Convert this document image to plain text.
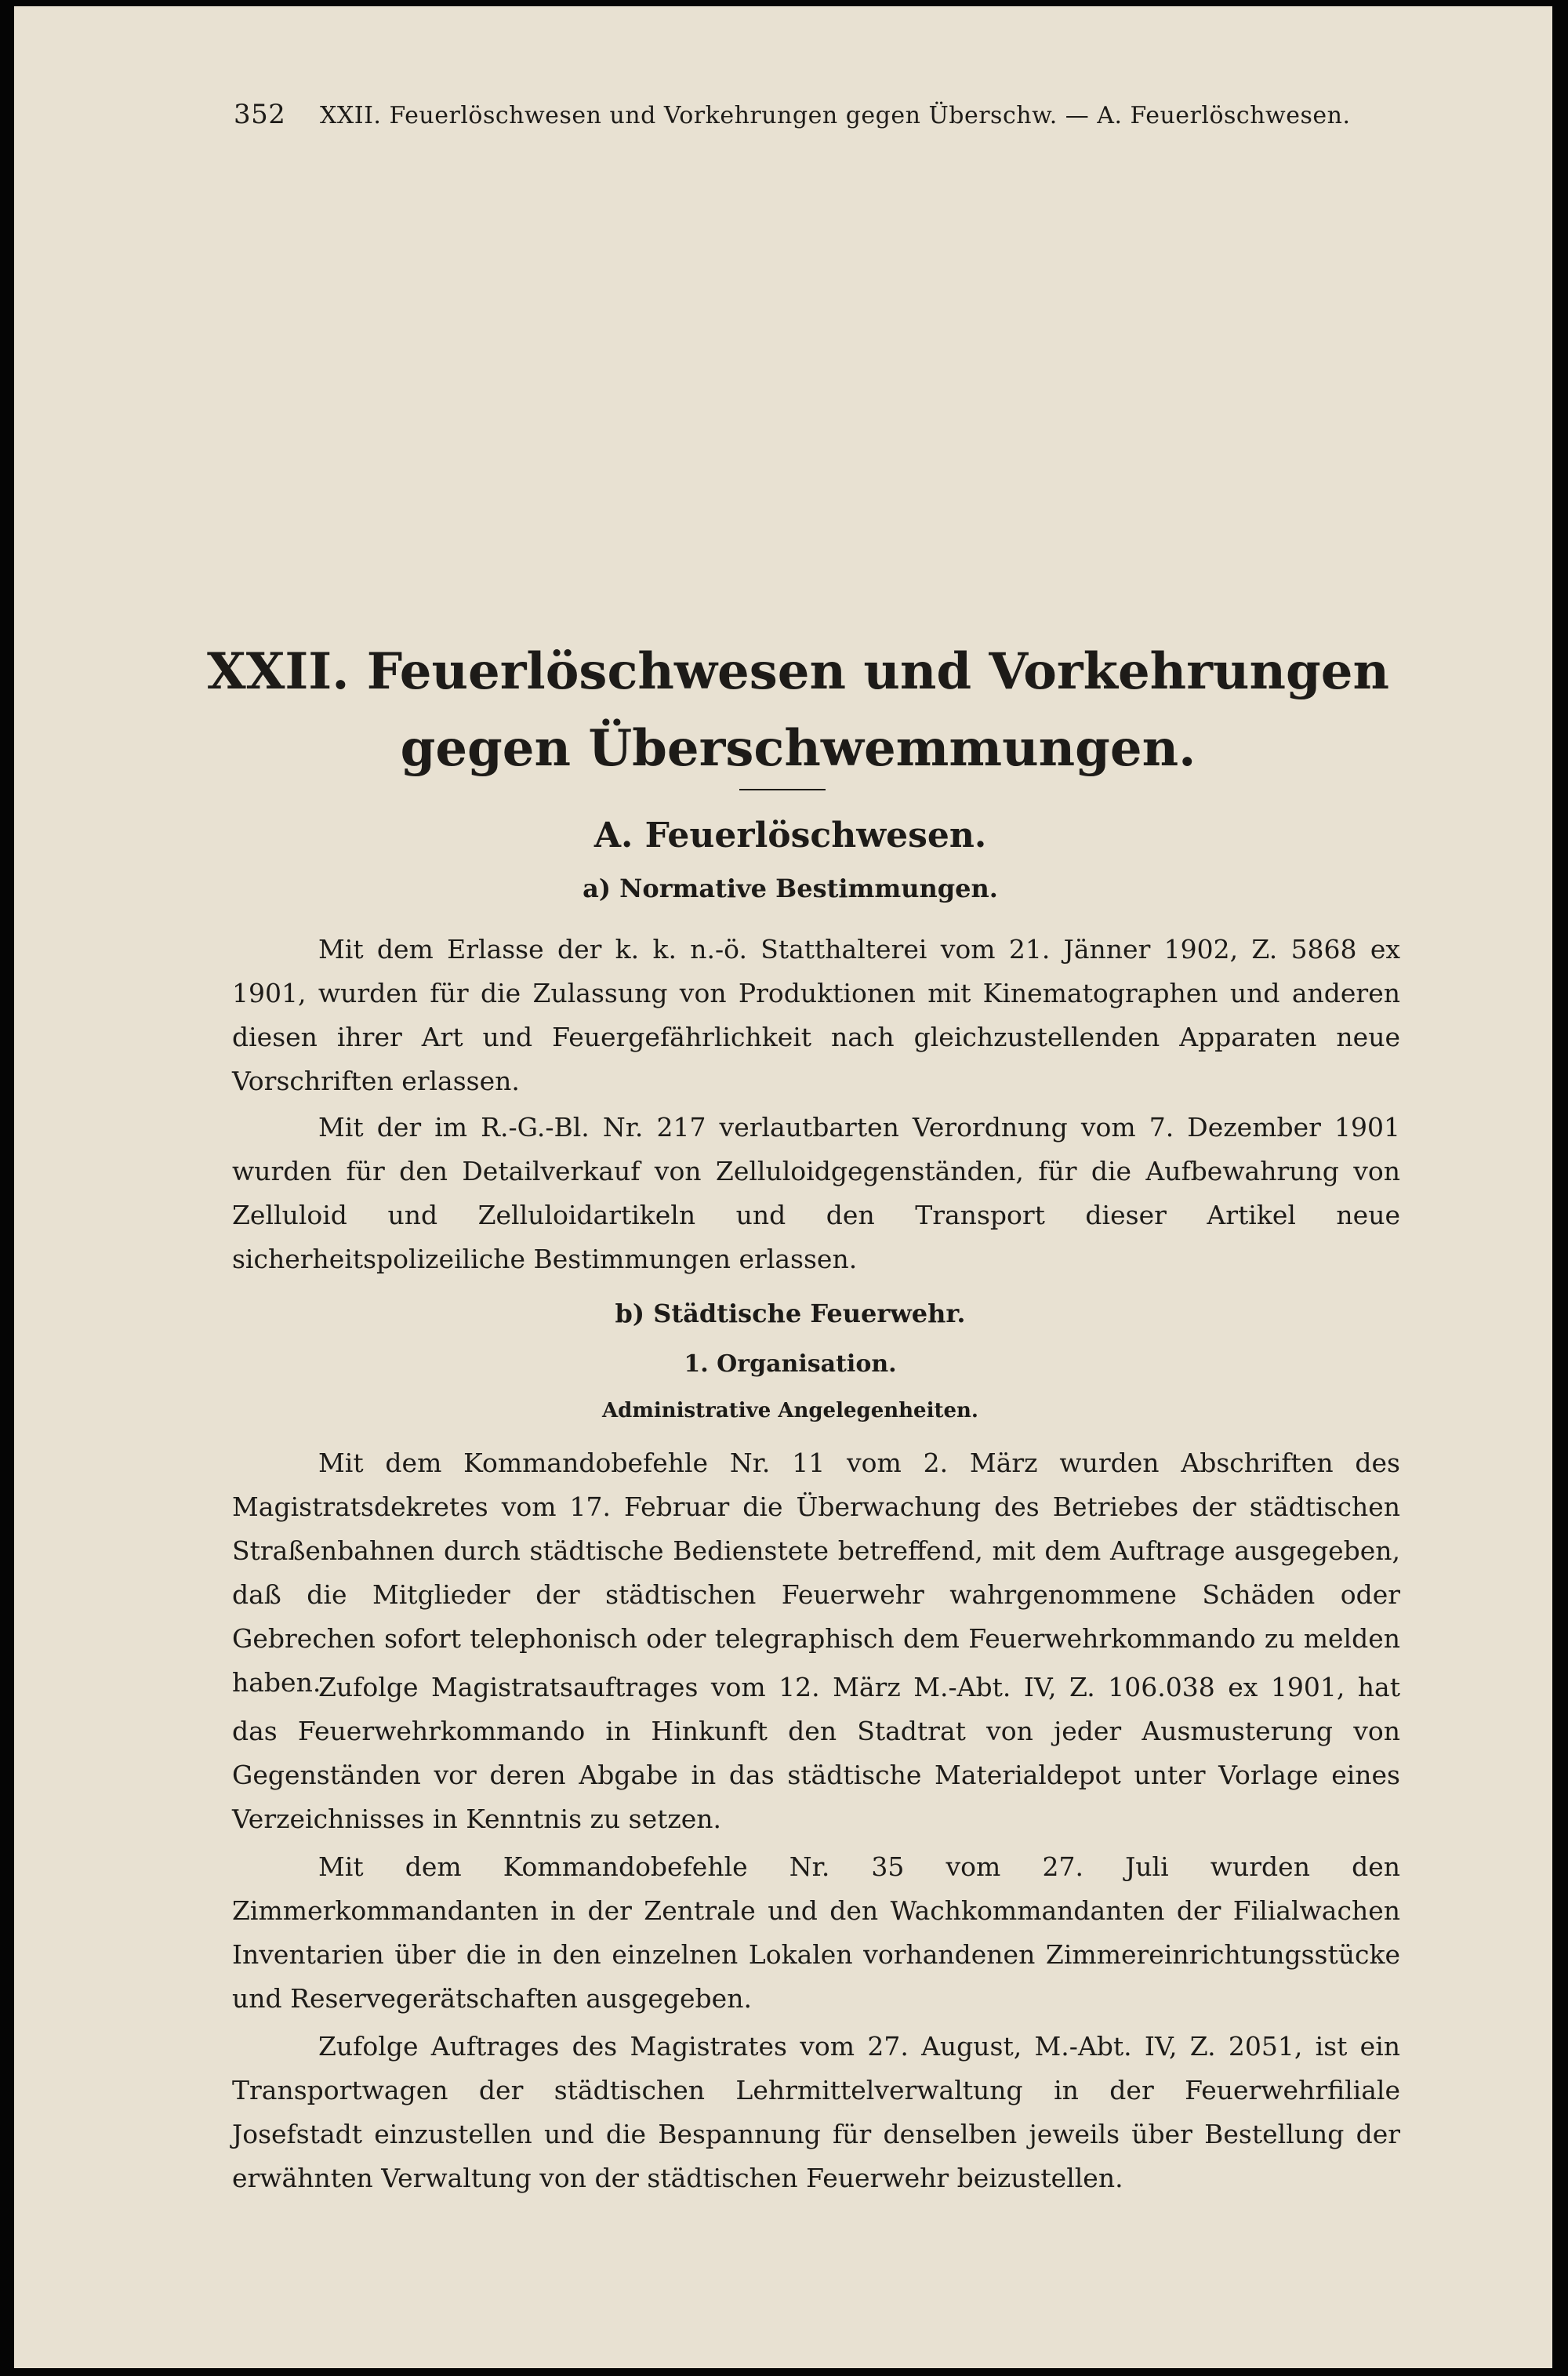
352 XXII. Feuerlöschwesen und Vorkehrungen gegen Überschw. — A. Feuerlöschwesen.
XXII. Feuerlöschwesen und Vorkehrungen gegen Überschwemmungen.
A. Feuerlöschwesen.
a) Normative Bestimmungen.

Mit dem Erlasse der k. k. n.-ö. Statthalterei vom 21. Jänner 1902, Z. 5868 ex 1901, wurden für die Zulassung von Produktionen mit Kinematographen und anderen diesen ihrer Art und Feuergefährlichkeit nach gleichzustellenden Apparaten neue Vorschriften erlassen.

Mit der im R.-G.-Bl. Nr. 217 verlautbarten Verordnung vom 7. Dezember 1901 wurden für den Detailverkauf von Zelluloidgegenständen, für die Aufbewahrung von Zelluloid und Zelluloidartikeln und den Transport dieser Artikel neue sicherheitspolizeiliche Bestimmungen erlassen.

b) Städtische Feuerwehr.
1. Organisation.
Administrative Angelegenheiten.

Mit dem Kommandobefehle Nr. 11 vom 2. März wurden Abschriften des Magistratsdekretes vom 17. Februar die Überwachung des Betriebes der städtischen Straßenbahnen durch städtische Bedienstete betreffend, mit dem Auftrage ausgegeben, daß die Mitglieder der städtischen Feuerwehr wahrgenommene Schäden oder Gebrechen sofort telephonisch oder telegraphisch dem Feuerwehrkommando zu melden haben.

Zufolge Magistratsauftrages vom 12. März M.-Abt. IV, Z. 106.038 ex 1901, hat das Feuerwehrkommando in Hinkunft den Stadtrat von jeder Ausmusterung von Gegenständen vor deren Abgabe in das städtische Materialdepot unter Vorlage eines Verzeichnisses in Kenntnis zu setzen.

Mit dem Kommandobefehle Nr. 35 vom 27. Juli wurden den Zimmerkommandanten in der Zentrale und den Wachkommandanten der Filialwachen Inventarien über die in den einzelnen Lokalen vorhandenen Zimmereinrichtungsstücke und Reservegerätschaften ausgegeben.

Zufolge Auftrages des Magistrates vom 27. August, M.-Abt. IV, Z. 2051, ist ein Transportwagen der städtischen Lehrmittelverwaltung in der Feuerwehrfiliale Josefstadt einzustellen und die Bespannung für denselben jeweils über Bestellung der erwähnten Verwaltung von der städtischen Feuerwehr beizustellen.
